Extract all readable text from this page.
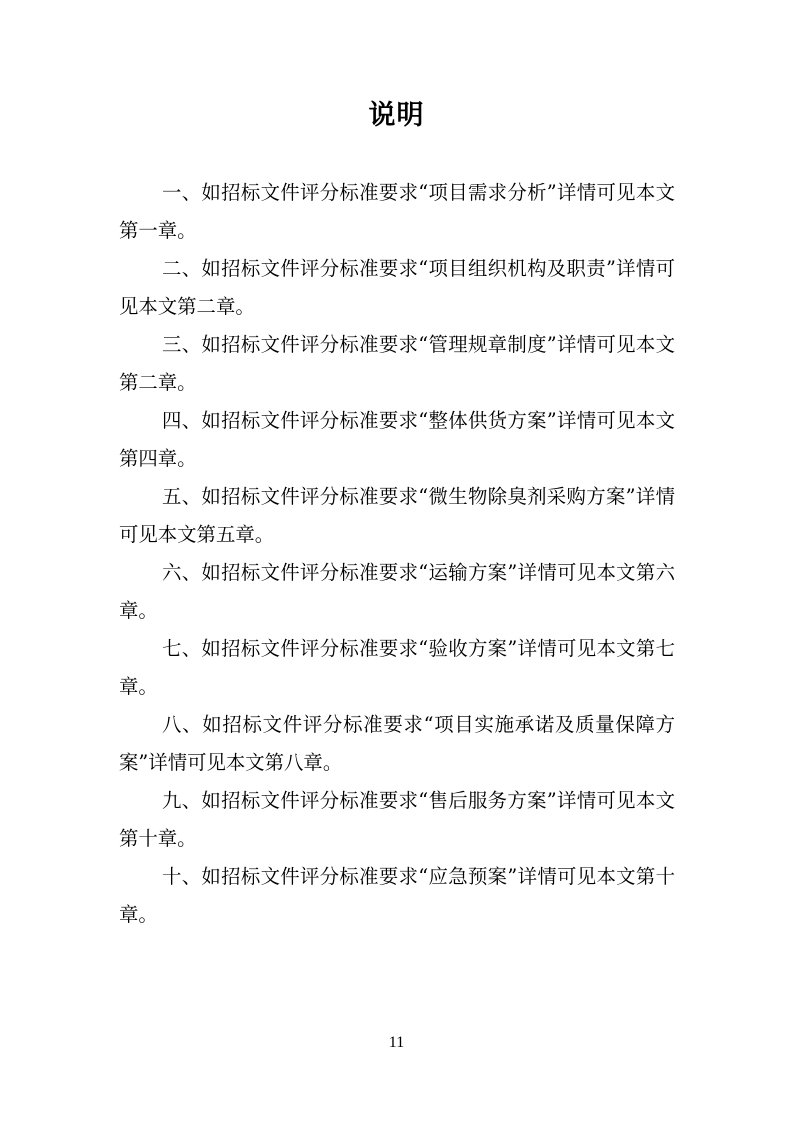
说明

一、如招标文件评分标准要求“项目需求分析”详情可见本文第一章。

二、如招标文件评分标准要求“项目组织机构及职责”详情可见本文第二章。

三、如招标文件评分标准要求“管理规章制度”详情可见本文第二章。

四、如招标文件评分标准要求“整体供货方案”详情可见本文第四章。

五、如招标文件评分标准要求“微生物除臭剂采购方案”详情可见本文第五章。

六、如招标文件评分标准要求“运输方案”详情可见本文第六章。

七、如招标文件评分标准要求“验收方案”详情可见本文第七章。

八、如招标文件评分标准要求“项目实施承诺及质量保障方案”详情可见本文第八章。

九、如招标文件评分标准要求“售后服务方案”详情可见本文第十章。

十、如招标文件评分标准要求“应急预案”详情可见本文第十章。

11
